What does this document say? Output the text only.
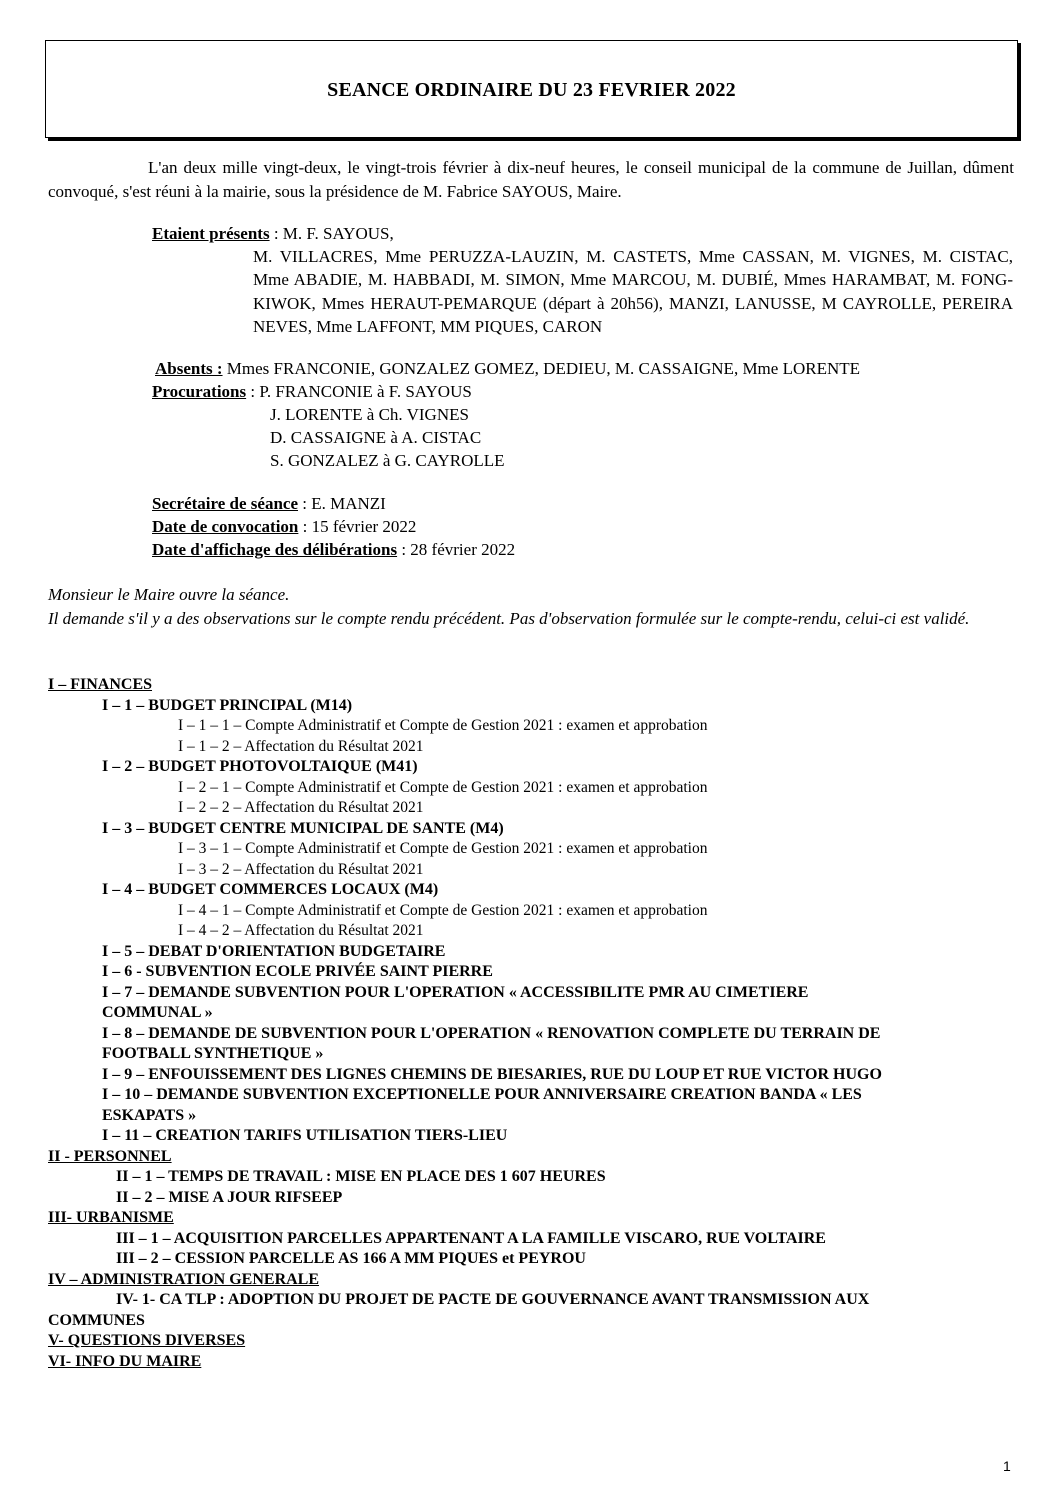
SEANCE ORDINAIRE DU 23 FEVRIER 2022

L'an deux mille vingt-deux, le vingt-trois février à dix-neuf heures, le conseil municipal de la commune de Juillan, dûment convoqué, s'est réuni à la mairie, sous la présidence de M. Fabrice SAYOUS, Maire.

Etaient présents : M. F. SAYOUS,

M. VILLACRES, Mme PERUZZA-LAUZIN, M. CASTETS, Mme CASSAN, M. VIGNES, M. CISTAC, Mme ABADIE, M. HABBADI, M. SIMON, Mme MARCOU, M. DUBIÉ, Mmes HARAMBAT, M. FONG-KIWOK, Mmes HERAUT-PEMARQUE (départ à 20h56), MANZI, LANUSSE, M CAYROLLE, PEREIRA NEVES, Mme LAFFONT, MM PIQUES, CARON

Absents : Mmes FRANCONIE, GONZALEZ GOMEZ, DEDIEU, M. CASSAIGNE, Mme LORENTE

Procurations : P. FRANCONIE à F. SAYOUS

J. LORENTE à Ch. VIGNES

D. CASSAIGNE à A. CISTAC

S. GONZALEZ à G. CAYROLLE

Secrétaire de séance : E. MANZI

Date de convocation : 15 février 2022

Date d'affichage des délibérations : 28 février 2022

Monsieur le Maire ouvre la séance.
Il demande s'il y a des observations sur le compte rendu précédent. Pas d'observation formulée sur le compte-rendu, celui-ci est validé.
I – FINANCES
I – 1 – BUDGET PRINCIPAL (M14)
I – 1 – 1 – Compte Administratif et Compte de Gestion 2021 : examen et approbation
I – 1 – 2 – Affectation du Résultat 2021
I – 2 – BUDGET PHOTOVOLTAIQUE (M41)
I – 2 – 1 – Compte Administratif et Compte de Gestion 2021 : examen et approbation
I – 2 – 2 – Affectation du Résultat 2021
I – 3 – BUDGET CENTRE MUNICIPAL DE SANTE (M4)
I – 3 – 1 – Compte Administratif et Compte de Gestion 2021 : examen et approbation
I – 3 – 2 – Affectation du Résultat 2021
I – 4 – BUDGET COMMERCES LOCAUX (M4)
I – 4 – 1 – Compte Administratif et Compte de Gestion 2021 : examen et approbation
I – 4 – 2 – Affectation du Résultat 2021
I – 5 – DEBAT D'ORIENTATION BUDGETAIRE
I – 6 - SUBVENTION ECOLE PRIVÉE SAINT PIERRE
I – 7 – DEMANDE SUBVENTION POUR L'OPERATION « ACCESSIBILITE PMR AU CIMETIERE
COMMUNAL »
I – 8 – DEMANDE DE SUBVENTION POUR L'OPERATION « RENOVATION COMPLETE DU TERRAIN DE
FOOTBALL SYNTHETIQUE »
I – 9 – ENFOUISSEMENT DES LIGNES CHEMINS DE BIESARIES, RUE DU LOUP ET RUE VICTOR HUGO
I – 10 – DEMANDE SUBVENTION EXCEPTIONELLE POUR ANNIVERSAIRE CREATION BANDA « LES
ESKAPATS »
I – 11 – CREATION TARIFS UTILISATION TIERS-LIEU
II - PERSONNEL
II – 1 – TEMPS DE TRAVAIL : MISE EN PLACE DES 1 607 HEURES
II – 2 – MISE A JOUR RIFSEEP
III- URBANISME
III – 1 – ACQUISITION PARCELLES APPARTENANT A LA FAMILLE VISCARO, RUE VOLTAIRE
III – 2 – CESSION PARCELLE AS 166 A MM PIQUES et PEYROU
IV – ADMINISTRATION GENERALE
IV- 1- CA TLP : ADOPTION DU PROJET DE PACTE DE GOUVERNANCE AVANT TRANSMISSION AUX
COMMUNES
V- QUESTIONS DIVERSES
VI- INFO DU MAIRE
1
